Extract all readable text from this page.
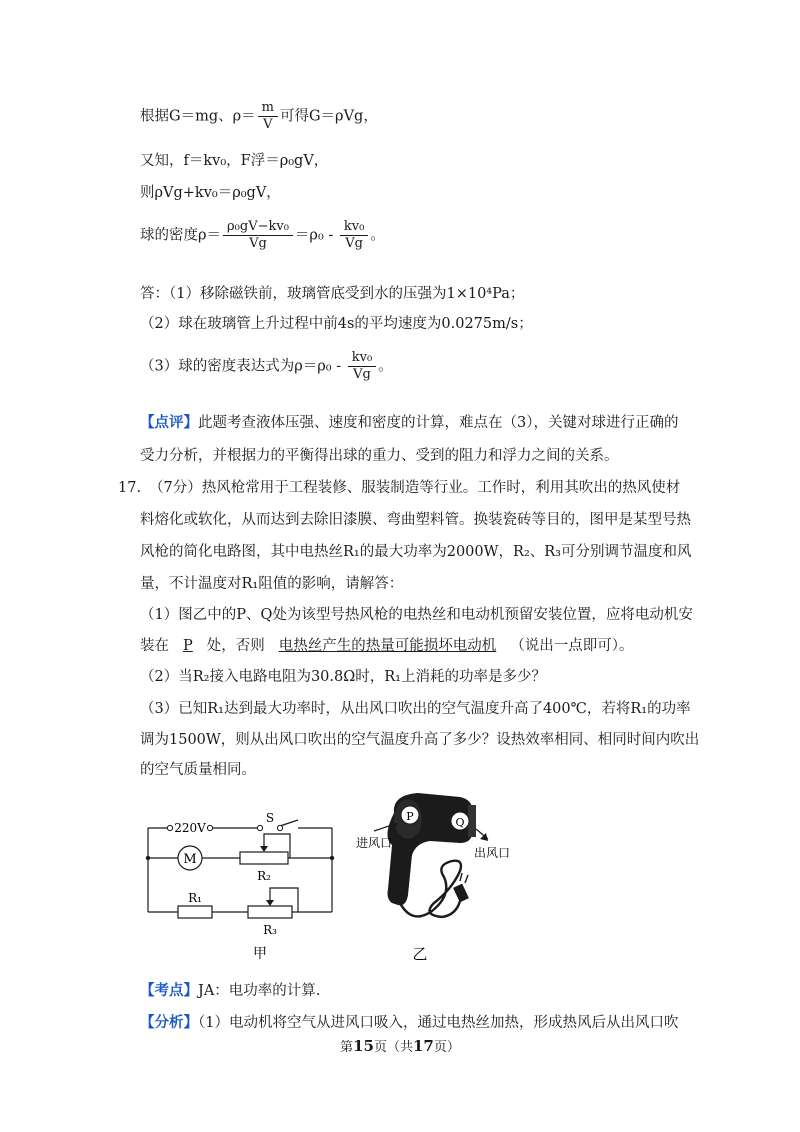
根据G＝mg、$\rho= \frac{m}{V}$ 可得G＝ρVg，
又知，f＝kv₀，F浮＝ρ₀gV，
则ρVg+kv₀＝ρ₀gV，
球的密度$\rho= \frac{\text{ρ₀gV−kv₀}}{Vg} =\rho_0 - \frac{\text{kv₀}}{Vg}$ 。
答：（1）移除磁铁前，玻璃管底受到水的压强为1×10⁴Pa；
（2）球在玻璃管上升过程中前4s的平均速度为0.0275m/s；
（3）球的密度表达式为$\rho=\rho_0 - \frac{\text{kv₀}}{Vg}$ 。
【点评】此题考查液体压强、速度和密度的计算，难点在（3），关键对球进行正确的
受力分析，并根据力的平衡得出球的重力、受到的阻力和浮力之间的关系。
17. （7分）热风枪常用于工程装修、服装制造等行业。工作时，利用其吹出的热风使材
料熔化或软化，从而达到去除旧漆膜、弯曲塑料管。换装瓷砖等目的，图甲是某型号热
风枪的简化电路图，其中电热丝R₁的最大功率为2000W，R₂、R₃可分别调节温度和风
量，不计温度对R₁阻值的影响，请解答：
（1）图乙中的P、Q处为该型号热风枪的电热丝和电动机预留安装位置，应将电动机安
装在 P 处，否则 电热丝产生的热量可能损坏电动机 （说出一点即可）。
（2）当R₂接入电路电阻为30.8Ω时，R₁上消耗的功率是多少？
（3）已知R₁达到最大功率时，从出风口吹出的空气温度升高了400℃，若将R₁的功率
调为1500W，则从出风口吹出的空气温度升高了多少？设热效率相同、相同时间内吹出
的空气质量相同。
M
220V
S
R₂
R₁
R₃
甲
P	Q
进风口
出风口
乙
【考点】JA：电功率的计算.
【分析】（1）电动机将空气从进风口吸入，通过电热丝加热，形成热风后从出风口吹
第15页（共17页）
